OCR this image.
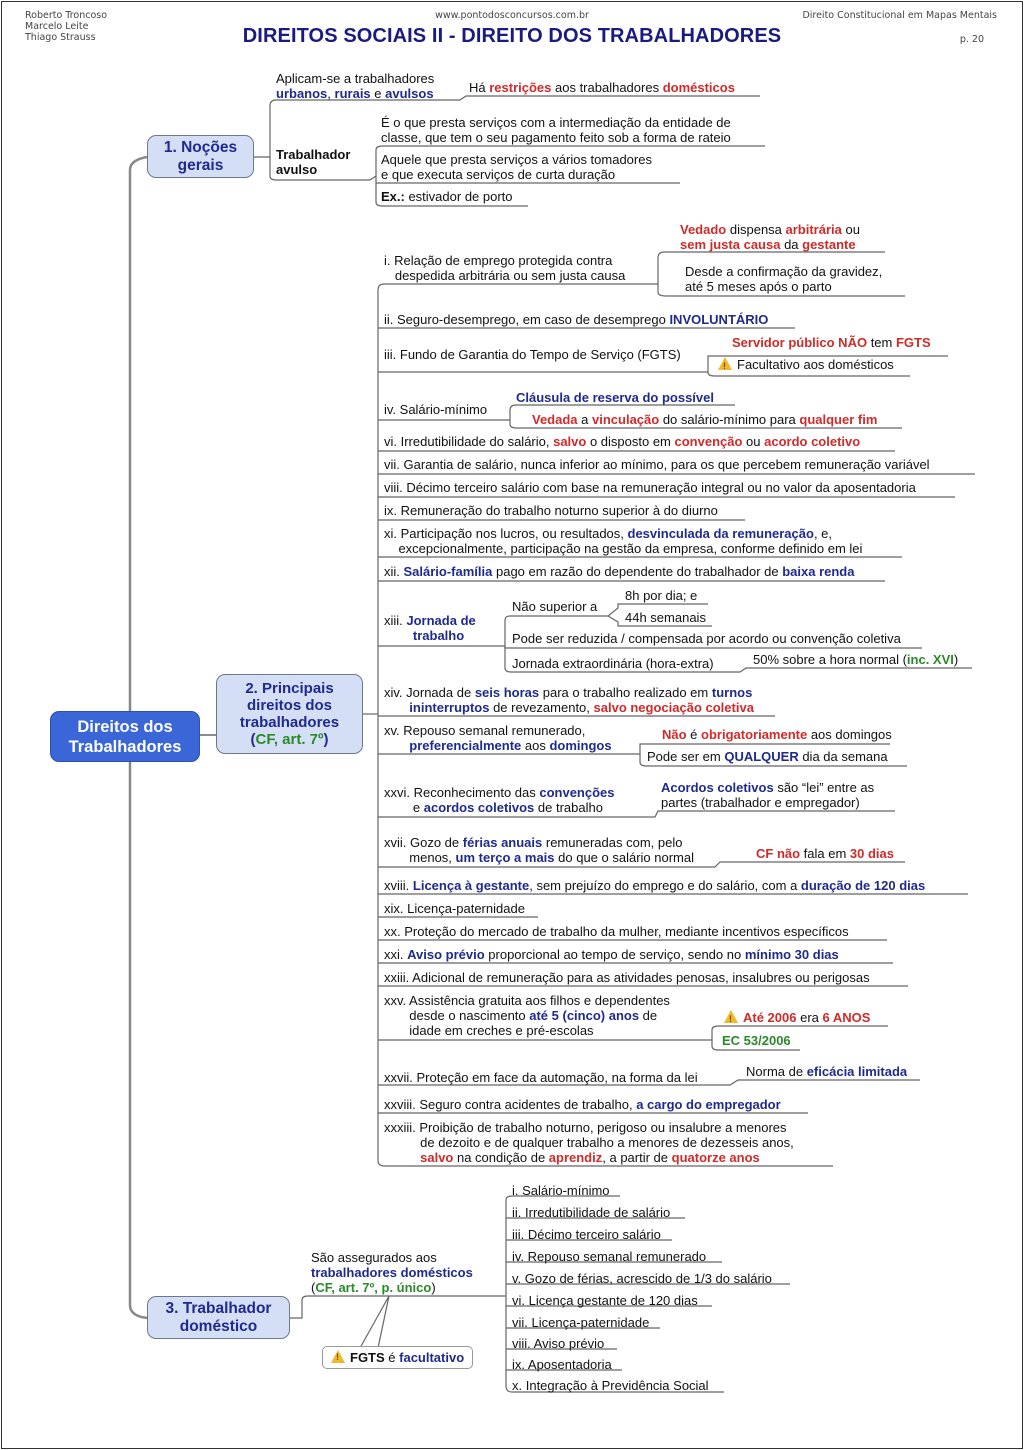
Roberto Troncoso
Marcelo Leite
Thiago Strauss
www.pontodosconcursos.com.br	Direito Constitucional em Mapas Mentais
p. 20
DIREITOS SOCIAIS II - DIREITO DOS TRABALHADORES
Direitos dos
Trabalhadores
1. Noções
gerais
2. Principais
direitos dos
trabalhadores
(CF, art. 7º)
3. Trabalhador
doméstico
Aplicam-se a trabalhadores
urbanos, rurais e avulsos	Há restrições aos trabalhadores domésticos
Trabalhador
avulso
É o que presta serviços com a intermediação da entidade de
classe, que tem o seu pagamento feito sob a forma de rateio
Aquele que presta serviços a vários tomadores
e que executa serviços de curta duração
Ex.: estivador de porto
i. Relação de emprego protegida contra
despedida arbitrária ou sem justa causa
Vedado dispensa arbitrária ou
sem justa causa da gestante
Desde a confirmação da gravidez,
até 5 meses após o parto
ii. Seguro-desemprego, em caso de desemprego INVOLUNTÁRIO
iii. Fundo de Garantia do Tempo de Serviço (FGTS)
Servidor público NÃO tem FGTS
!Facultativo aos domésticos
iv. Salário-mínimo
Cláusula de reserva do possível
Vedada a vinculação do salário-mínimo para qualquer fim
vi. Irredutibilidade do salário, salvo o disposto em convenção ou acordo coletivo
vii. Garantia de salário, nunca inferior ao mínimo, para os que percebem remuneração variável
viii. Décimo terceiro salário com base na remuneração integral ou no valor da aposentadoria
ix. Remuneração do trabalho noturno superior à do diurno
xi. Participação nos lucros, ou resultados, desvinculada da remuneração, e,
excepcionalmente, participação na gestão da empresa, conforme definido em lei
xii. Salário-família pago em razão do dependente do trabalhador de baixa renda
xiii. Jornada de
trabalho
Não superior a
8h por dia; e
44h semanais
Pode ser reduzida / compensada por acordo ou convenção coletiva
Jornada extraordinária (hora-extra)	50% sobre a hora normal (inc. XVI)
xiv. Jornada de seis horas para o trabalho realizado em turnos
ininterruptos de revezamento, salvo negociação coletiva
xv. Repouso semanal remunerado,
preferencialmente aos domingos
Não é obrigatoriamente aos domingos
Pode ser em QUALQUER dia da semana
xxvi. Reconhecimento das convenções
e acordos coletivos de trabalho
Acordos coletivos são “lei” entre as
partes (trabalhador e empregador)
xvii. Gozo de férias anuais remuneradas com, pelo
menos, um terço a mais do que o salário normal	CF não fala em 30 dias
xviii. Licença à gestante, sem prejuízo do emprego e do salário, com a duração de 120 dias
xix. Licença-paternidade
xx. Proteção do mercado de trabalho da mulher, mediante incentivos específicos
xxi. Aviso prévio proporcional ao tempo de serviço, sendo no mínimo 30 dias
xxiii. Adicional de remuneração para as atividades penosas, insalubres ou perigosas
xxv. Assistência gratuita aos filhos e dependentes
desde o nascimento até 5 (cinco) anos de
idade em creches e pré-escolas
!Até 2006 era 6 ANOS
EC 53/2006
xxvii. Proteção em face da automação, na forma da lei	Norma de eficácia limitada
xxviii. Seguro contra acidentes de trabalho, a cargo do empregador
xxxiii. Proibição de trabalho noturno, perigoso ou insalubre a menores
de dezoito e de qualquer trabalho a menores de dezesseis anos,
salvo na condição de aprendiz, a partir de quatorze anos
São assegurados aos
trabalhadores domésticos
(CF, art. 7º, p. único)
!FGTS é facultativo
i. Salário-mínimo
ii. Irredutibilidade de salário
iii. Décimo terceiro salário
iv. Repouso semanal remunerado
v. Gozo de férias, acrescido de 1/3 do salário
vi. Licença gestante de 120 dias
vii. Licença-paternidade
viii. Aviso prévio
ix. Aposentadoria
x. Integração à Previdência Social
